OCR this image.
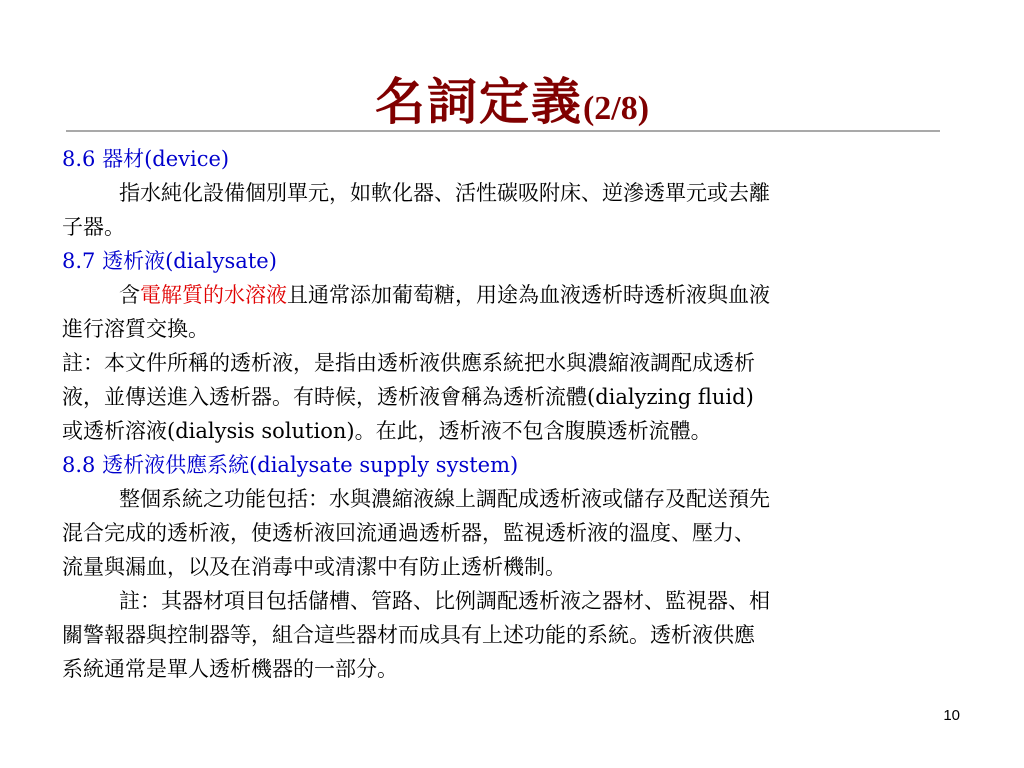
名詞定義(2/8)
8.6 器材(device)
指水純化設備個別單元，如軟化器、活性碳吸附床、逆滲透單元或去離
子器。
8.7 透析液(dialysate)
含電解質的水溶液且通常添加葡萄糖，用途為血液透析時透析液與血液
進行溶質交換。
註：本文件所稱的透析液，是指由透析液供應系統把水與濃縮液調配成透析
液，並傳送進入透析器。有時候，透析液會稱為透析流體(dialyzing fluid)
或透析溶液(dialysis solution)。在此，透析液不包含腹膜透析流體。
8.8 透析液供應系統(dialysate supply system)
整個系統之功能包括：水與濃縮液線上調配成透析液或儲存及配送預先
混合完成的透析液，使透析液回流通過透析器，監視透析液的溫度、壓力、
流量與漏血，以及在消毒中或清潔中有防止透析機制。
註：其器材項目包括儲槽、管路、比例調配透析液之器材、監視器、相
關警報器與控制器等，組合這些器材而成具有上述功能的系統。透析液供應
系統通常是單人透析機器的一部分。
10
